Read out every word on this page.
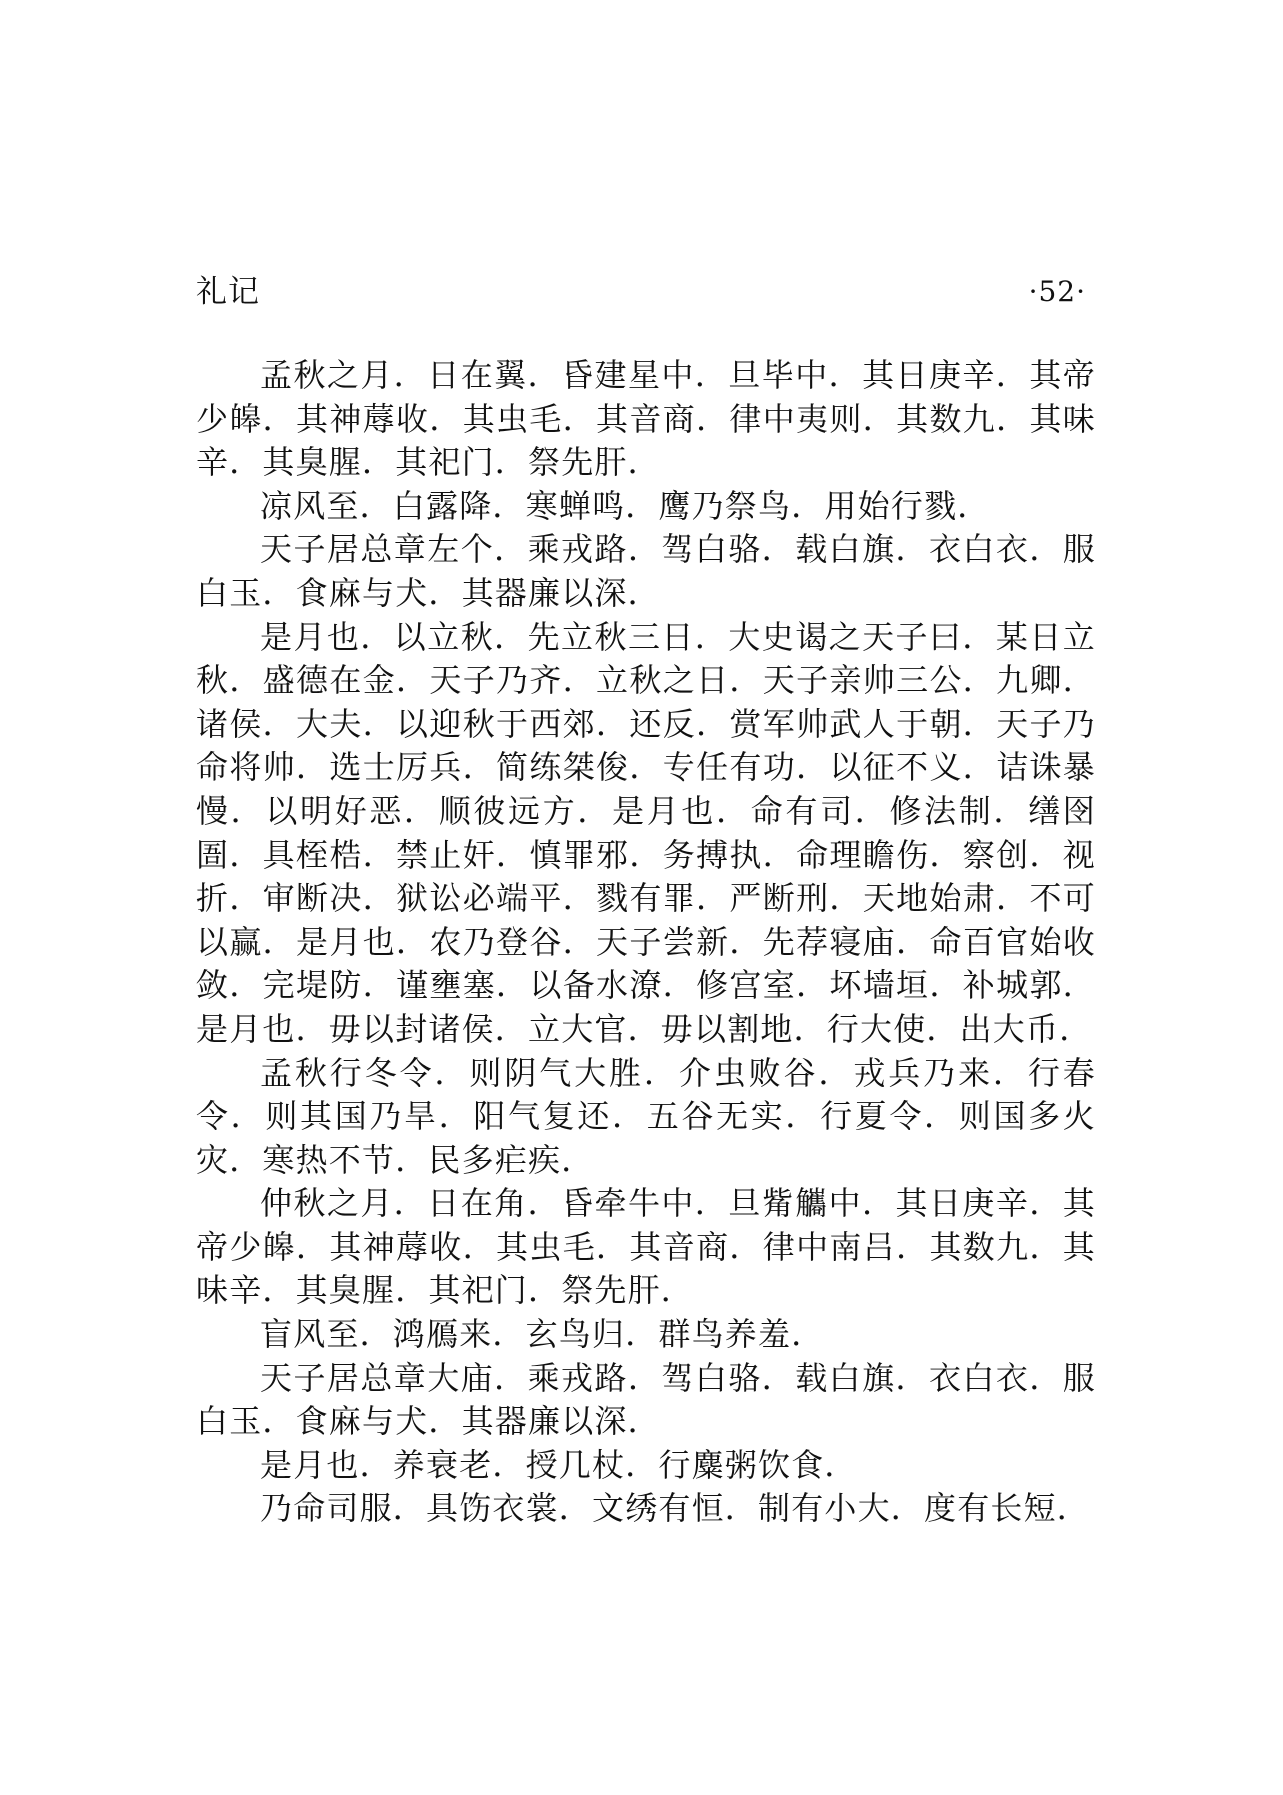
礼记	·52·

孟秋之月．日在翼．昏建星中．旦毕中．其日庚辛．其帝少皞．其神蓐收．其虫毛．其音商．律中夷则．其数九．其味辛．其臭腥．其祀门．祭先肝．

凉风至．白露降．寒蝉鸣．鹰乃祭鸟．用始行戮．

天子居总章左个．乘戎路．驾白骆．载白旗．衣白衣．服白玉．食麻与犬．其器廉以深．

是月也．以立秋．先立秋三日．大史谒之天子曰．某日立秋．盛德在金．天子乃齐．立秋之日．天子亲帅三公．九卿．诸侯．大夫．以迎秋于西郊．还反．赏军帅武人于朝．天子乃命将帅．选士厉兵．简练桀俊．专任有功．以征不义．诘诛暴慢．以明好恶．顺彼远方．是月也．命有司．修法制．缮囹圄．具桎梏．禁止奸．慎罪邪．务搏执．命理瞻伤．察创．视折．审断决．狱讼必端平．戮有罪．严断刑．天地始肃．不可以赢．是月也．农乃登谷．天子尝新．先荐寝庙．命百官始收敛．完堤防．谨壅塞．以备水潦．修宫室．坏墙垣．补城郭．是月也．毋以封诸侯．立大官．毋以割地．行大使．出大币．

孟秋行冬令．则阴气大胜．介虫败谷．戎兵乃来．行春令．则其国乃旱．阳气复还．五谷无实．行夏令．则国多火灾．寒热不节．民多疟疾．

仲秋之月．日在角．昏牵牛中．旦觜觿中．其日庚辛．其帝少皞．其神蓐收．其虫毛．其音商．律中南吕．其数九．其味辛．其臭腥．其祀门．祭先肝．

盲风至．鸿鴈来．玄鸟归．群鸟养羞．

天子居总章大庙．乘戎路．驾白骆．载白旗．衣白衣．服白玉．食麻与犬．其器廉以深．

是月也．养衰老．授几杖．行麋粥饮食．

乃命司服．具饬衣裳．文绣有恒．制有小大．度有长短．
